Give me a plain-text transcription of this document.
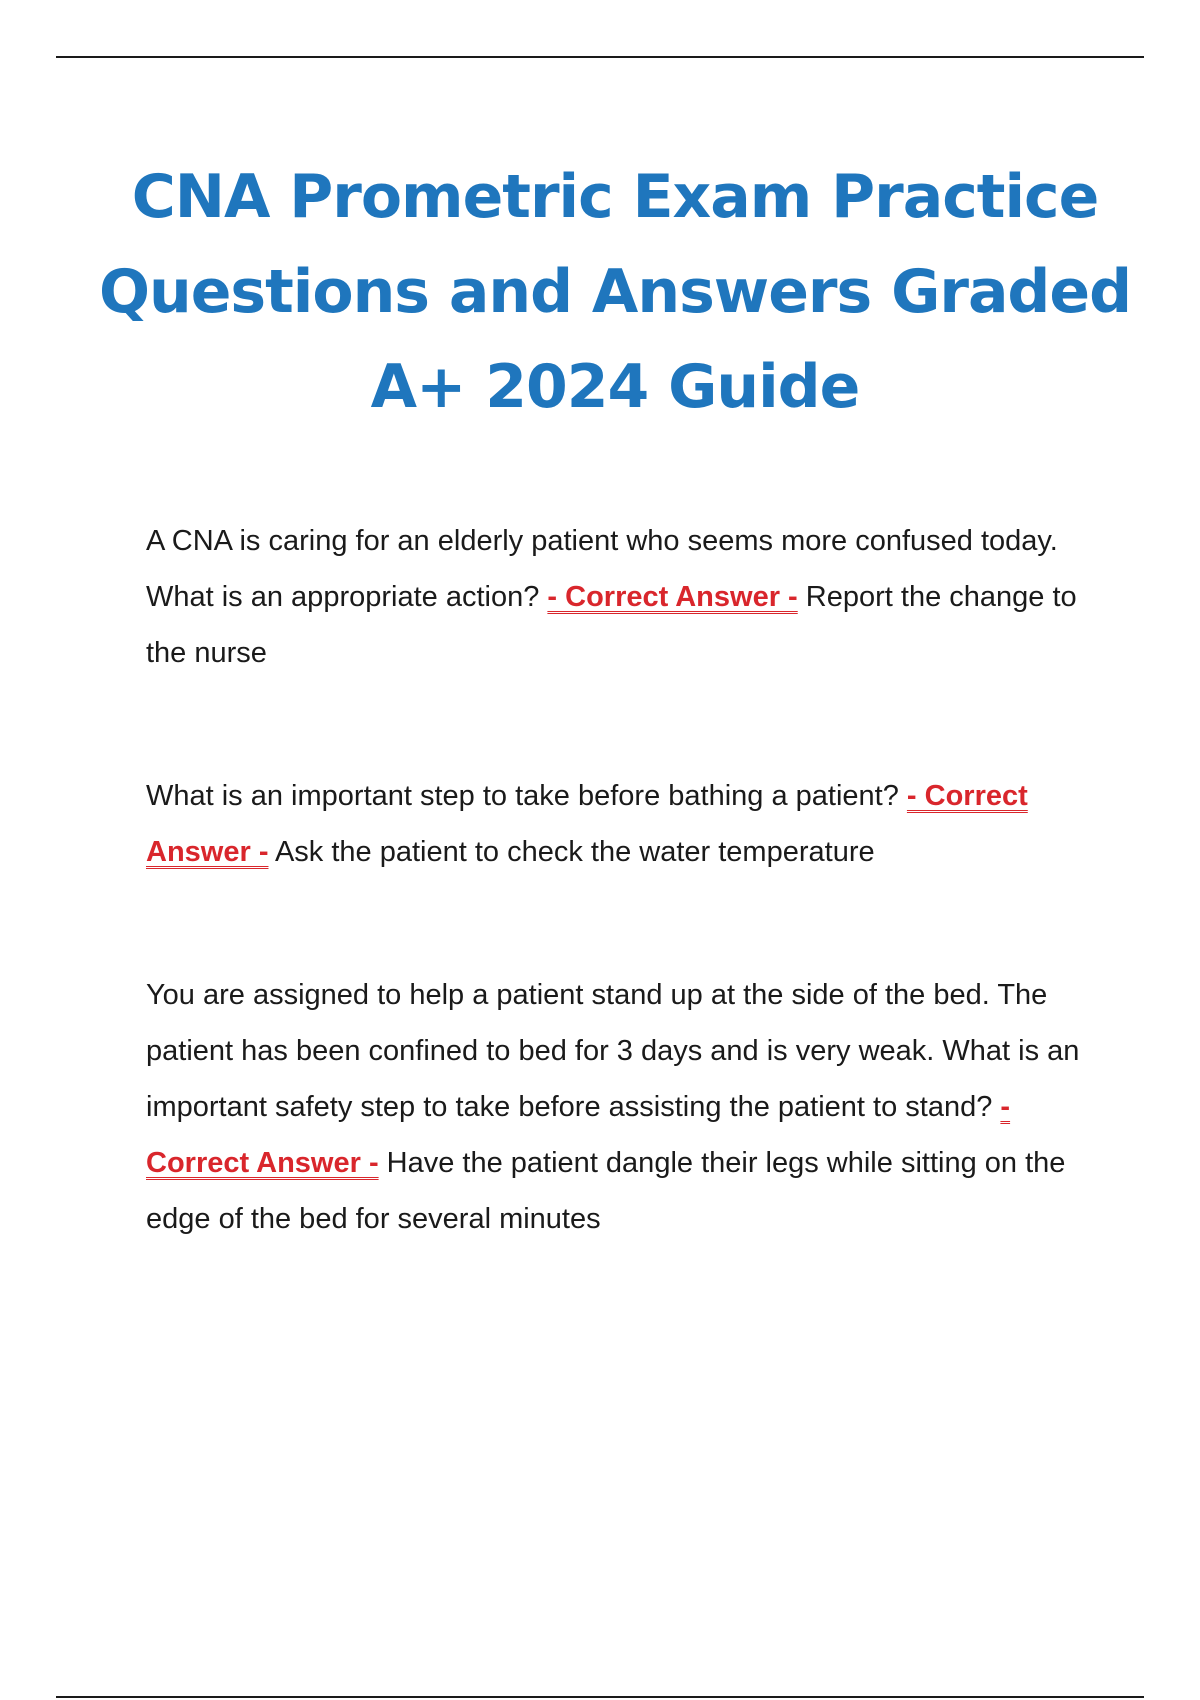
CNA Prometric Exam Practice Questions and Answers Graded A+ 2024 Guide

A CNA is caring for an elderly patient who seems more confused today. What is an appropriate action? - Correct Answer - Report the change to the nurse

What is an important step to take before bathing a patient? - Correct Answer - Ask the patient to check the water temperature

You are assigned to help a patient stand up at the side of the bed. The patient has been confined to bed for 3 days and is very weak. What is an important safety step to take before assisting the patient to stand? - Correct Answer - Have the patient dangle their legs while sitting on the edge of the bed for several minutes
